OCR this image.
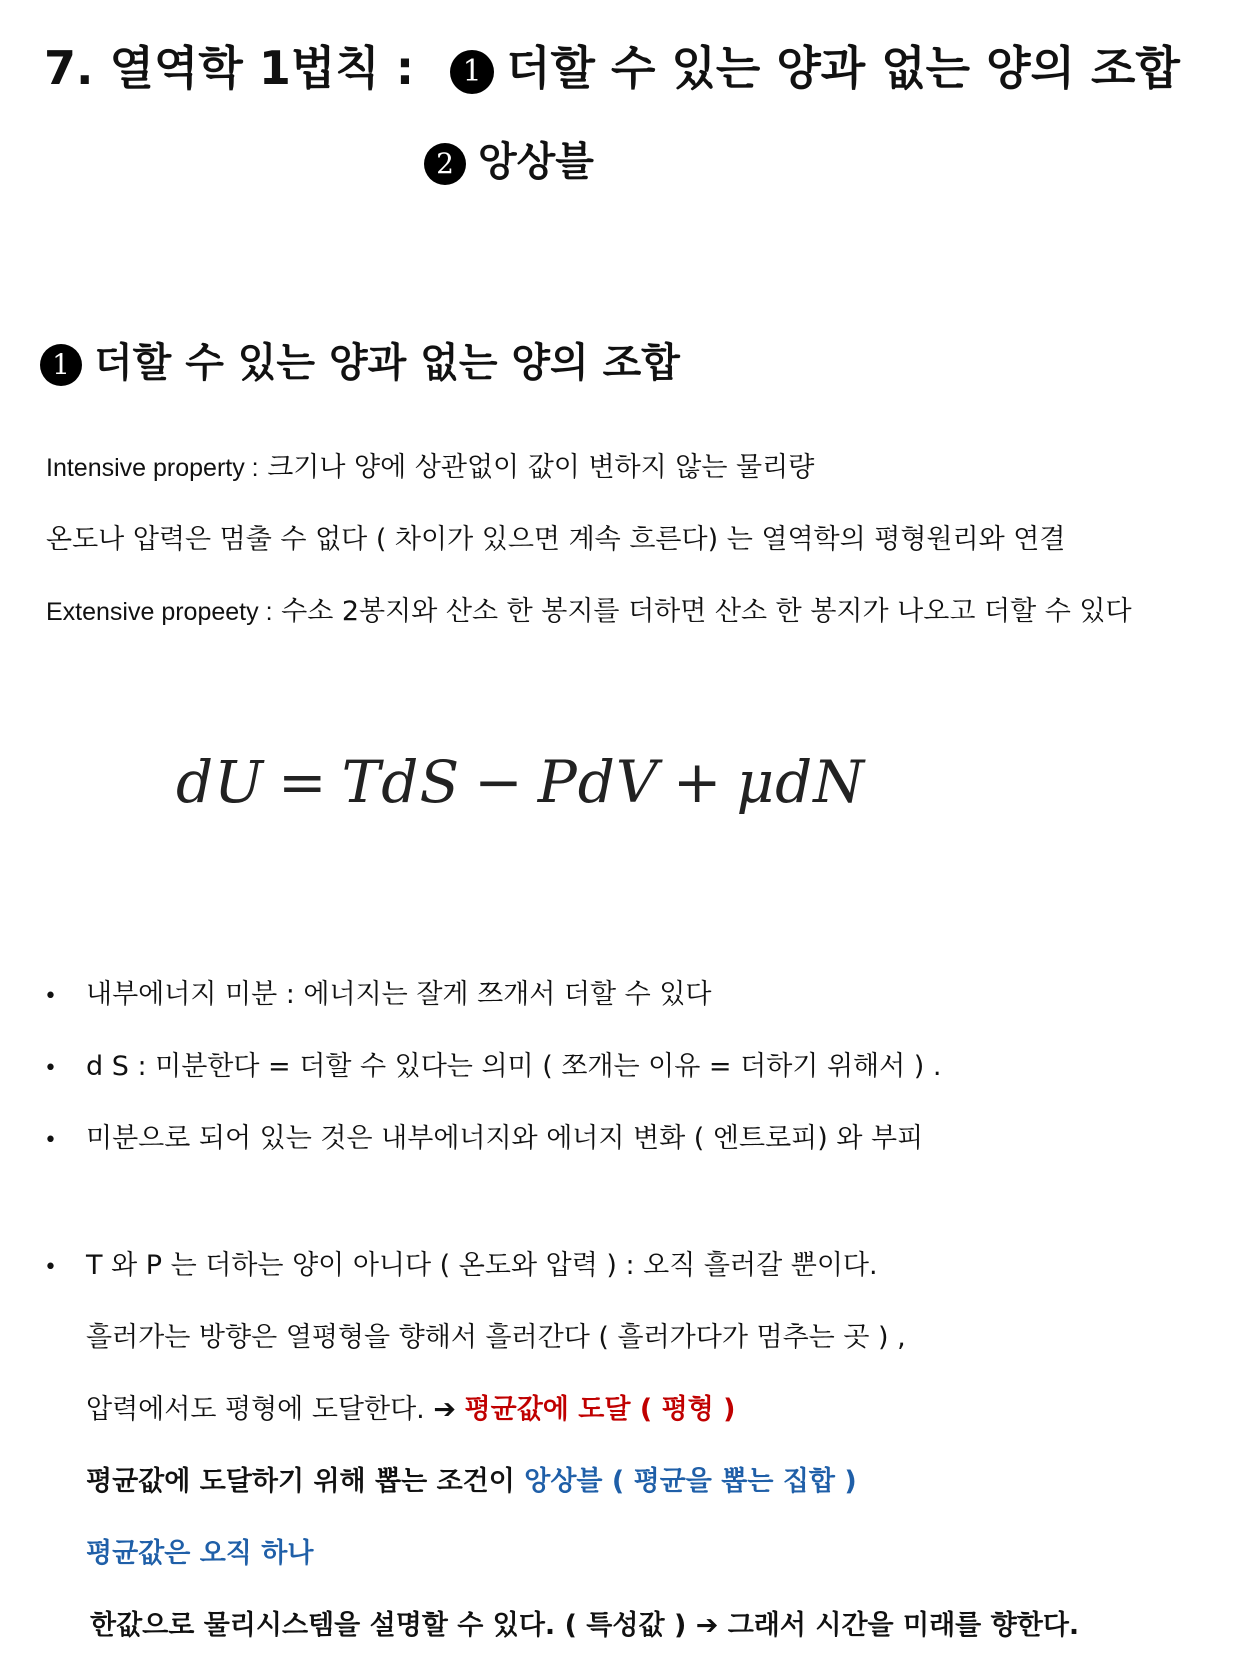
7. 열역학 1법칙 : 1 더할 수 있는 양과 없는 양의 조합
2 앙상블
1 더할 수 있는 양과 없는 양의 조합
Intensive property : 크기나 양에 상관없이 값이 변하지 않는 물리량
온도나 압력은 멈출 수 없다 ( 차이가 있으면 계속 흐른다) 는 열역학의 평형원리와 연결
Extensive propeety : 수소 2봉지와 산소 한 봉지를 더하면 산소 한 봉지가 나오고 더할 수 있다
dU = TdS − PdV + μdN
• 내부에너지 미분 : 에너지는 잘게 쯔개서 더할 수 있다
• d S : 미분한다 = 더할 수 있다는 의미 ( 쪼개는 이유 = 더하기 위해서 ) .
• 미분으로 되어 있는 것은 내부에너지와 에너지 변화 ( 엔트로피) 와 부피
• T 와 P 는 더하는 양이 아니다 ( 온도와 압력 ) : 오직 흘러갈 뿐이다.
흘러가는 방향은 열평형을 향해서 흘러간다 ( 흘러가다가 멈추는 곳 ) ,
압력에서도 평형에 도달한다. ➔ 평균값에 도달 ( 평형 )
평균값에 도달하기 위해 뽑는 조건이 앙상블 ( 평균을 뽑는 집합 )
평균값은 오직 하나
한값으로 물리시스템을 설명할 수 있다. ( 특성값 ) ➔ 그래서 시간을 미래를 향한다.
